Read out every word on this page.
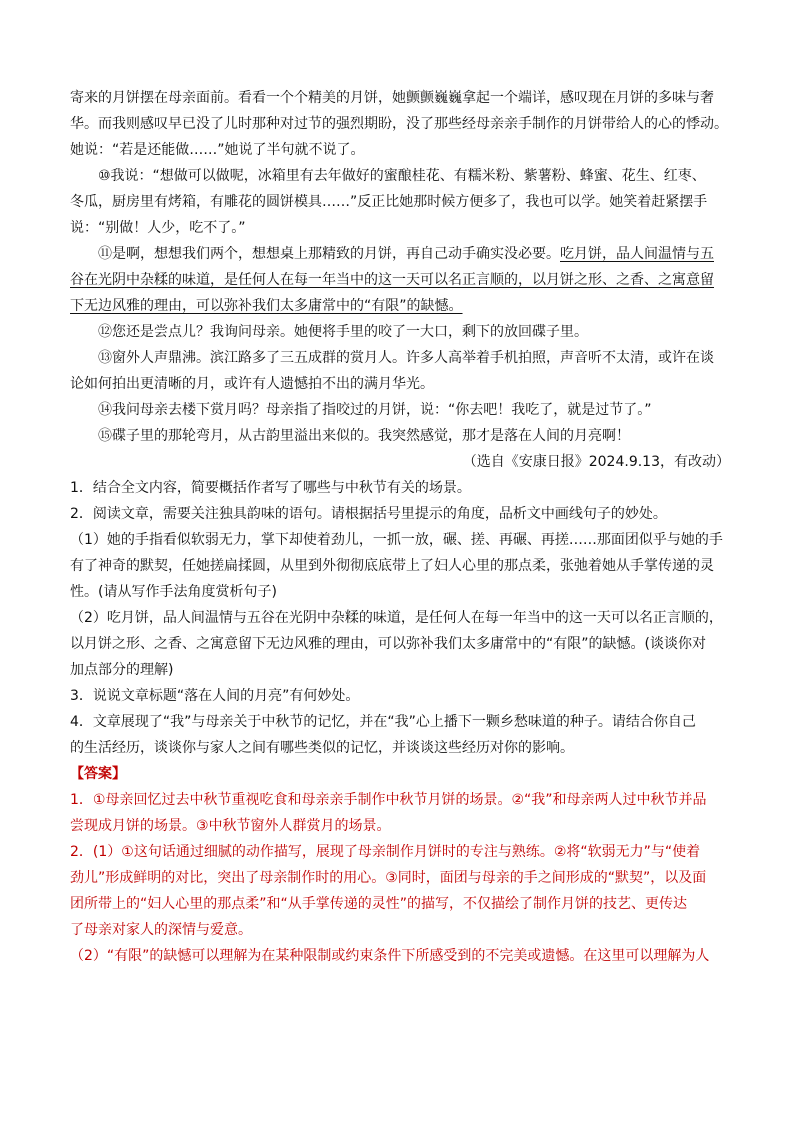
寄来的月饼摆在母亲面前。看看一个个精美的月饼，她颤颤巍巍拿起一个端详，感叹现在月饼的多味与奢

华。而我则感叹早已没了儿时那种对过节的强烈期盼，没了那些经母亲亲手制作的月饼带给人的心的悸动。

她说：“若是还能做……”她说了半句就不说了。

⑩我说：“想做可以做呢，冰箱里有去年做好的蜜酿桂花、有糯米粉、紫薯粉、蜂蜜、花生、红枣、

冬瓜，厨房里有烤箱，有雕花的圆饼模具……”反正比她那时候方便多了，我也可以学。她笑着赶紧摆手

说：“别做！人少，吃不了。”

⑪是啊，想想我们两个，想想桌上那精致的月饼，再自己动手确实没必要。吃月饼，品人间温情与五

谷在光阴中杂糅的味道，是任何人在每一年当中的这一天可以名正言顺的，以月饼之形、之香、之寓意留

下无边风雅的理由，可以弥补我们太多庸常中的“有限”的缺憾。

⑫您还是尝点儿？我询问母亲。她便将手里的咬了一大口，剩下的放回碟子里。

⑬窗外人声鼎沸。滨江路多了三五成群的赏月人。许多人高举着手机拍照，声音听不太清，或许在谈

论如何拍出更清晰的月，或许有人遗憾拍不出的满月华光。

⑭我问母亲去楼下赏月吗？母亲指了指咬过的月饼，说：“你去吧！我吃了，就是过节了。”

⑮碟子里的那轮弯月，从古韵里溢出来似的。我突然感觉，那才是落在人间的月亮啊！

（选自《安康日报》2024.9.13，有改动）

1．结合全文内容，简要概括作者写了哪些与中秋节有关的场景。

2．阅读文章，需要关注独具韵味的语句。请根据括号里提示的角度，品析文中画线句子的妙处。

（1）她的手指看似软弱无力，掌下却使着劲儿，一抓一放，碾、搓、再碾、再搓……那面团似乎与她的手

有了神奇的默契，任她搓扁揉圆，从里到外彻彻底底带上了妇人心里的那点柔，张弛着她从手掌传递的灵

性。(请从写作手法角度赏析句子)

（2）吃月饼，品人间温情与五谷在光阴中杂糅的味道，是任何人在每一年当中的这一天可以名正言顺的，

以月饼之形、之香、之寓意留下无边风雅的理由，可以弥补我们太多庸常中的“有限”的缺憾。(谈谈你对

加点部分的理解)

3．说说文章标题“落在人间的月亮”有何妙处。

4．文章展现了“我”与母亲关于中秋节的记忆，并在“我”心上播下一颗乡愁味道的种子。请结合你自己

的生活经历，谈谈你与家人之间有哪些类似的记忆，并谈谈这些经历对你的影响。

【答案】

1．①母亲回忆过去中秋节重视吃食和母亲亲手制作中秋节月饼的场景。②“我”和母亲两人过中秋节并品

尝现成月饼的场景。③中秋节窗外人群赏月的场景。

2．(1）①这句话通过细腻的动作描写，展现了母亲制作月饼时的专注与熟练。②将“软弱无力”与“使着

劲儿”形成鲜明的对比，突出了母亲制作时的用心。③同时，面团与母亲的手之间形成的“默契”，以及面

团所带上的“妇人心里的那点柔”和“从手掌传递的灵性”的描写，不仅描绘了制作月饼的技艺、更传达

了母亲对家人的深情与爱意。

（2）“有限”的缺憾可以理解为在某种限制或约束条件下所感受到的不完美或遗憾。在这里可以理解为人
